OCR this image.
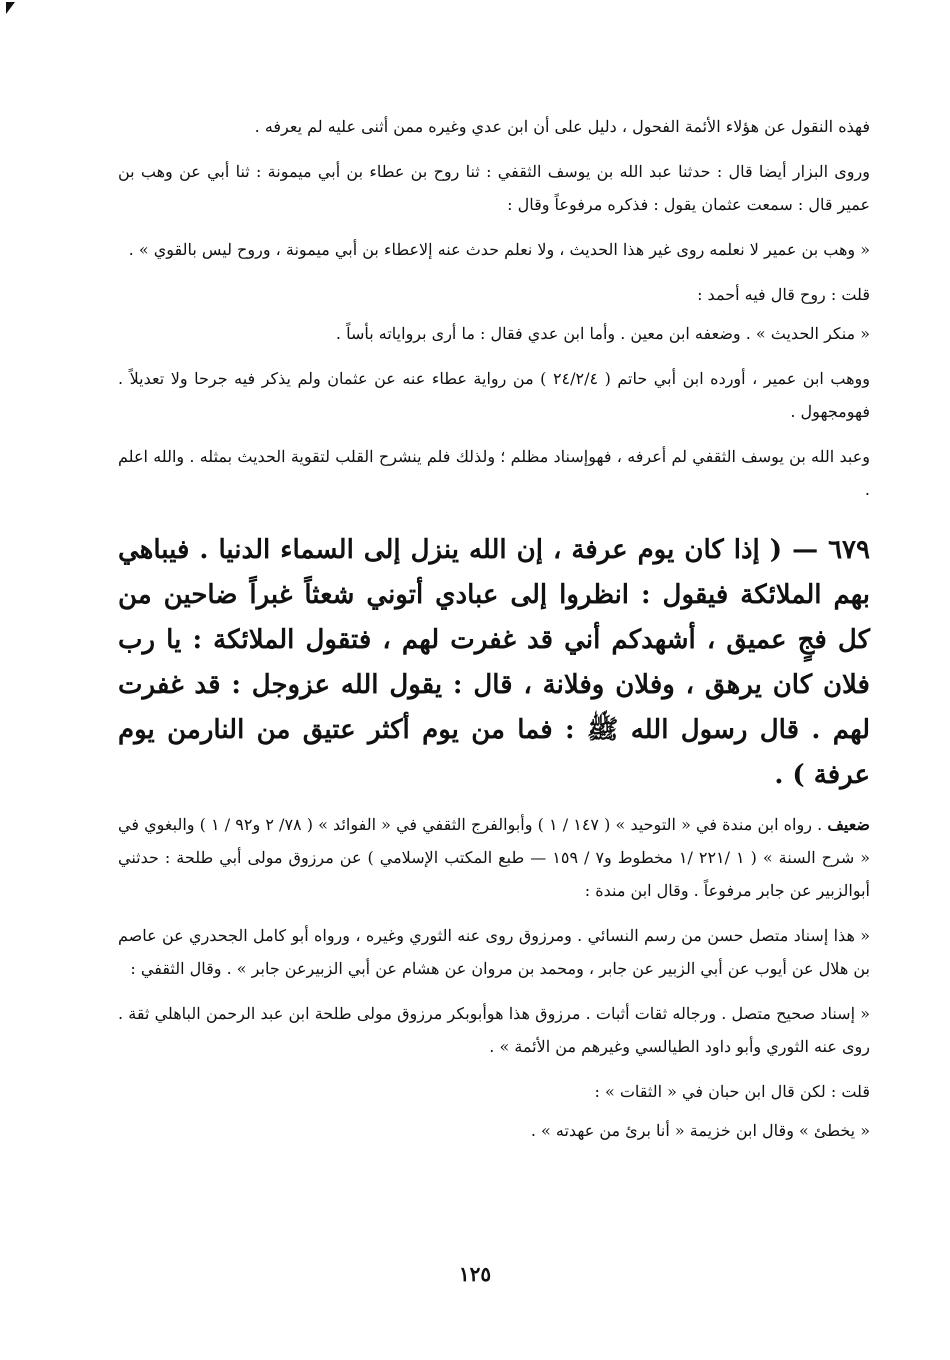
فهذه النقول عن هؤلاء الأئمة الفحول ، دليل على أن ابن عدي وغيره ممن أثنى عليه لم يعرفه .

وروى البزار أيضا قال : حدثنا عبد الله بن يوسف الثقفي : ثنا روح بن عطاء بن أبي ميمونة : ثنا أبي عن وهب بن عمير قال : سمعت عثمان يقول : فذكره مرفوعاً وقال :

« وهب بن عمير لا نعلمه روى غير هذا الحديث ، ولا نعلم حدث عنه إلاعطاء بن أبي ميمونة ، وروح ليس بالقوي » .

قلت : روح قال فيه أحمد :

« منكر الحديث » . وضعفه ابن معين . وأما ابن عدي فقال : ما أرى برواياته بأساً .

ووهب ابن عمير ، أورده ابن أبي حاتم ( ٢٤/٢/٤ ) من رواية عطاء عنه عن عثمان ولم يذكر فيه جرحا ولا تعديلاً . فهومجهول .

وعبد الله بن يوسف الثقفي لم أعرفه ، فهوإسناد مظلم ؛ ولذلك فلم ينشرح القلب لتقوية الحديث بمثله . والله اعلم .

٦٧٩ — ( إذا كان يوم عرفة ، إن الله ينزل إلى السماء الدنيا . فيباهي بهم الملائكة فيقول : انظروا إلى عبادي أتوني شعثاً غبراً ضاحين من كل فجٍ عميق ، أشهدكم أني قد غفرت لهم ، فتقول الملائكة : يا رب فلان كان يرهق ، وفلان وفلانة ، قال : يقول الله عزوجل : قد غفرت لهم . قال رسول الله ﷺ : فما من يوم أكثر عتيق من النارمن يوم عرفة ) .

ضعيف . رواه ابن مندة في « التوحيد » ( ١٤٧ / ١ ) وأبوالفرج الثقفي في « الفوائد » ( ٧٨/ ٢ و٩٢ / ١ ) والبغوي في « شرح السنة » ( ١ /٢٢١ /١ مخطوط و٧ / ١٥٩ — طبع المكتب الإسلامي ) عن مرزوق مولى أبي طلحة : حدثني أبوالزبير عن جابر مرفوعاً . وقال ابن مندة :

« هذا إسناد متصل حسن من رسم النسائي . ومرزوق روى عنه الثوري وغيره ، ورواه أبو كامل الجحدري عن عاصم بن هلال عن أيوب عن أبي الزبير عن جابر ، ومحمد بن مروان عن هشام عن أبي الزبيرعن جابر » . وقال الثقفي :

« إسناد صحيح متصل . ورجاله ثقات أثبات . مرزوق هذا هوأبوبكر مرزوق مولى طلحة ابن عبد الرحمن الباهلي ثقة . روى عنه الثوري وأبو داود الطيالسي وغيرهم من الأئمة » .

قلت : لكن قال ابن حبان في « الثقات » :

« يخطئ » وقال ابن خزيمة « أنا برئ من عهدته » .

١٢٥
